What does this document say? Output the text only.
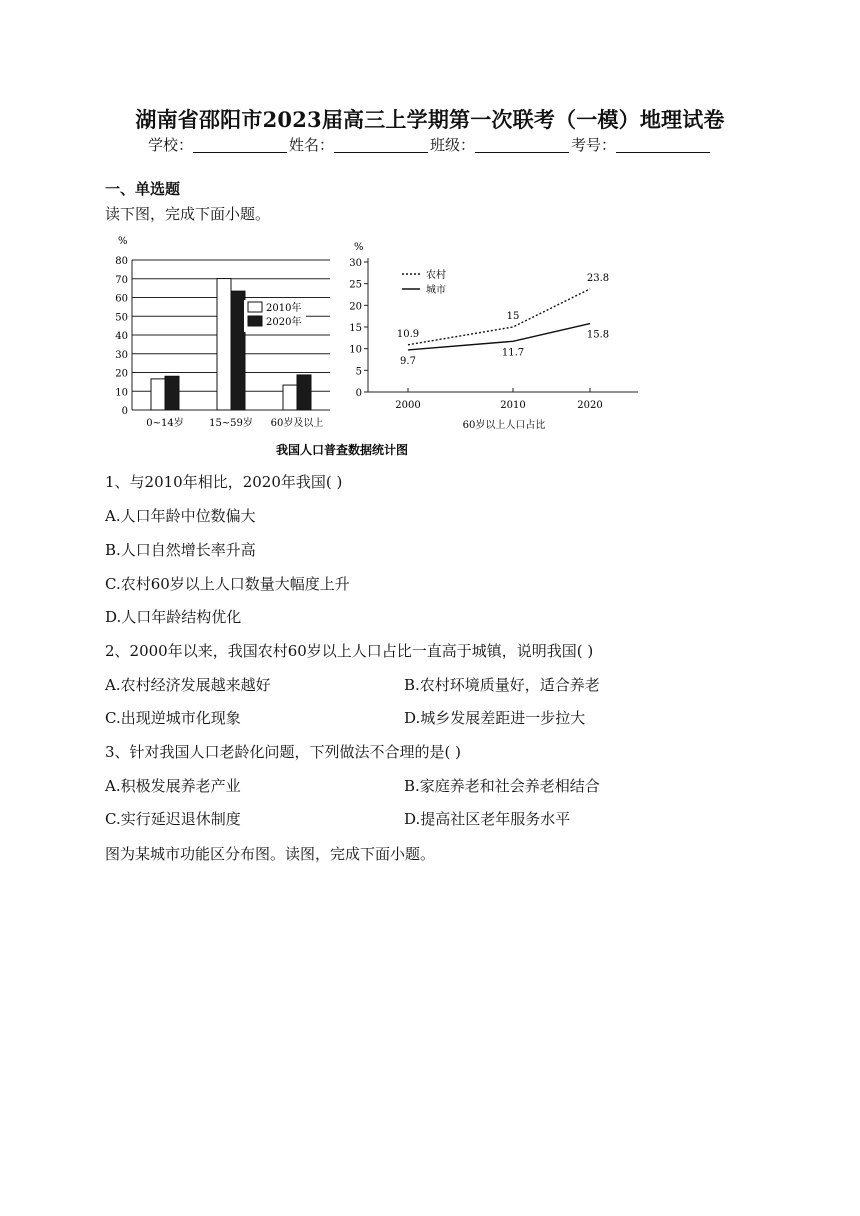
湖南省邵阳市2023届高三上学期第一次联考（一模）地理试卷
学校：	姓名：	班级：	考号：
一、单选题
读下图，完成下面小题。
%
0
10
20
30
40
50
60
70
80
0~14岁	15~59岁 60岁及以上
2010年
2020年
%
0
5
10
15
20
25
30
2000	2010	2020
60岁以上人口占比
10.9
15
23.8
9.7
11.7
15.8
农村
城市
我国人口普查数据统计图
1、与2010年相比，2020年我国( )
A.人口年龄中位数偏大
B.人口自然增长率升高
C.农村60岁以上人口数量大幅度上升
D.人口年龄结构优化
2、2000年以来，我国农村60岁以上人口占比一直高于城镇，说明我国( )
A.农村经济发展越来越好	B.农村环境质量好，适合养老
C.出现逆城市化现象	D.城乡发展差距进一步拉大
3、针对我国人口老龄化问题，下列做法不合理的是( )
A.积极发展养老产业	B.家庭养老和社会养老相结合
C.实行延迟退休制度	D.提高社区老年服务水平
图为某城市功能区分布图。读图，完成下面小题。
